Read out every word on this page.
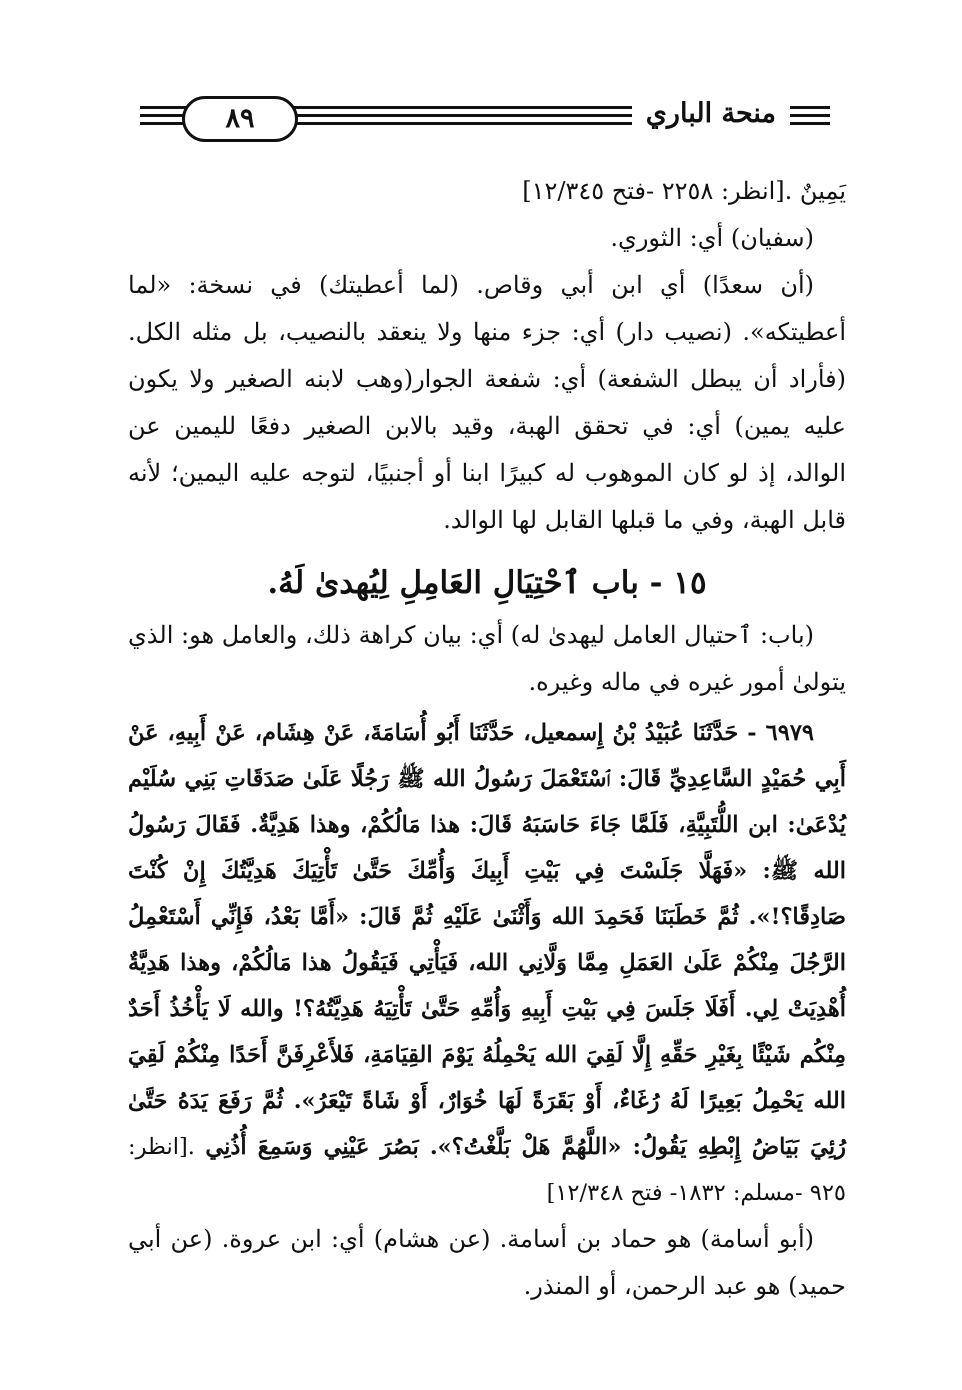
٨٩	منحة الباري

يَمِينٌ .[انظر: ٢٢٥٨ -فتح ١٢/٣٤٥]

(سفيان) أي: الثوري.

(أن سعدًا) أي ابن أبي وقاص. (لما أعطيتك) في نسخة: «لما أعطيتكه». (نصيب دار) أي: جزء منها ولا ينعقد بالنصيب، بل مثله الكل. (فأراد أن يبطل الشفعة) أي: شفعة الجوار(وهب لابنه الصغير ولا يكون عليه يمين) أي: في تحقق الهبة، وقيد بالابن الصغير دفعًا لليمين عن الوالد، إذ لو كان الموهوب له كبيرًا ابنا أو أجنبيًا، لتوجه عليه اليمين؛ لأنه قابل الهبة، وفي ما قبلها القابل لها الوالد.

١٥ - باب ٱحْتِيَالِ العَامِلِ لِيُهدىٰ لَهُ.

(باب: ٱحتيال العامل ليهدىٰ له) أي: بيان كراهة ذلك، والعامل هو: الذي يتولىٰ أمور غيره في ماله وغيره.

٦٩٧٩ - حَدَّثَنَا عُبَيْدُ بْنُ إِسمعيل، حَدَّثَنَا أَبُو أُسَامَةَ، عَنْ هِشَام، عَنْ أَبِيهِ، عَنْ أَبِي حُمَيْدٍ السَّاعِدِيِّ قَالَ: ٱسْتَعْمَلَ رَسُولُ الله ﷺ رَجُلًا عَلَىٰ صَدَقَاتِ بَنِي سُلَيْم يُدْعَىٰ: ابن اللُّتَبِيَّةِ، فَلَمَّا جَاءَ حَاسَبَهُ قَالَ: هذا مَالُكُمْ، وهذا هَدِيَّةٌ. فَقَالَ رَسُولُ الله ﷺ: «فَهَلَّا جَلَسْتَ فِي بَيْتِ أَبِيكَ وَأُمِّكَ حَتَّىٰ تَأْتِيَكَ هَدِيَّتُكَ إِنْ كُنْتَ صَادِقًا؟!». ثُمَّ خَطَبَنَا فَحَمِدَ الله وَأَثْنَىٰ عَلَيْهِ ثُمَّ قَالَ: «أَمَّا بَعْدُ، فَإِنِّي أَسْتَعْمِلُ الرَّجُلَ مِنْكُمْ عَلَىٰ العَمَلِ مِمَّا وَلَّانِي الله، فَيَأْتِي فَيَقُولُ هذا مَالُكُمْ، وهذا هَدِيَّةٌ أُهْدِيَتْ لِي. أَفَلَا جَلَسَ فِي بَيْتِ أَبِيهِ وَأُمِّهِ حَتَّىٰ تَأْتِيَهُ هَدِيَّتُهُ؟! والله لَا يَأْخُذُ أَحَدٌ مِنْكُم شَيْئًا بِغَيْرِ حَقِّهِ إِلَّا لَقِيَ الله يَحْمِلُهُ يَوْمَ القِيَامَةِ، فَلأَعْرِفَنَّ أَحَدًا مِنْكُمْ لَقِيَ الله يَحْمِلُ بَعِيرًا لَهُ رُغَاءٌ، أَوْ بَقَرَةً لَهَا خُوَارٌ، أَوْ شَاةً تَيْعَرُ». ثُمَّ رَفَعَ يَدَهُ حَتَّىٰ رُئِيَ بَيَاضُ إِبْطِهِ يَقُولُ: «اللَّهُمَّ هَلْ بَلَّغْتُ؟». بَصُرَ عَيْنِي وَسَمِعَ أُذُنِي .[انظر: ٩٢٥ -مسلم: ١٨٣٢- فتح ١٢/٣٤٨]

(أبو أسامة) هو حماد بن أسامة. (عن هشام) أي: ابن عروة. (عن أبي حميد) هو عبد الرحمن، أو المنذر.
